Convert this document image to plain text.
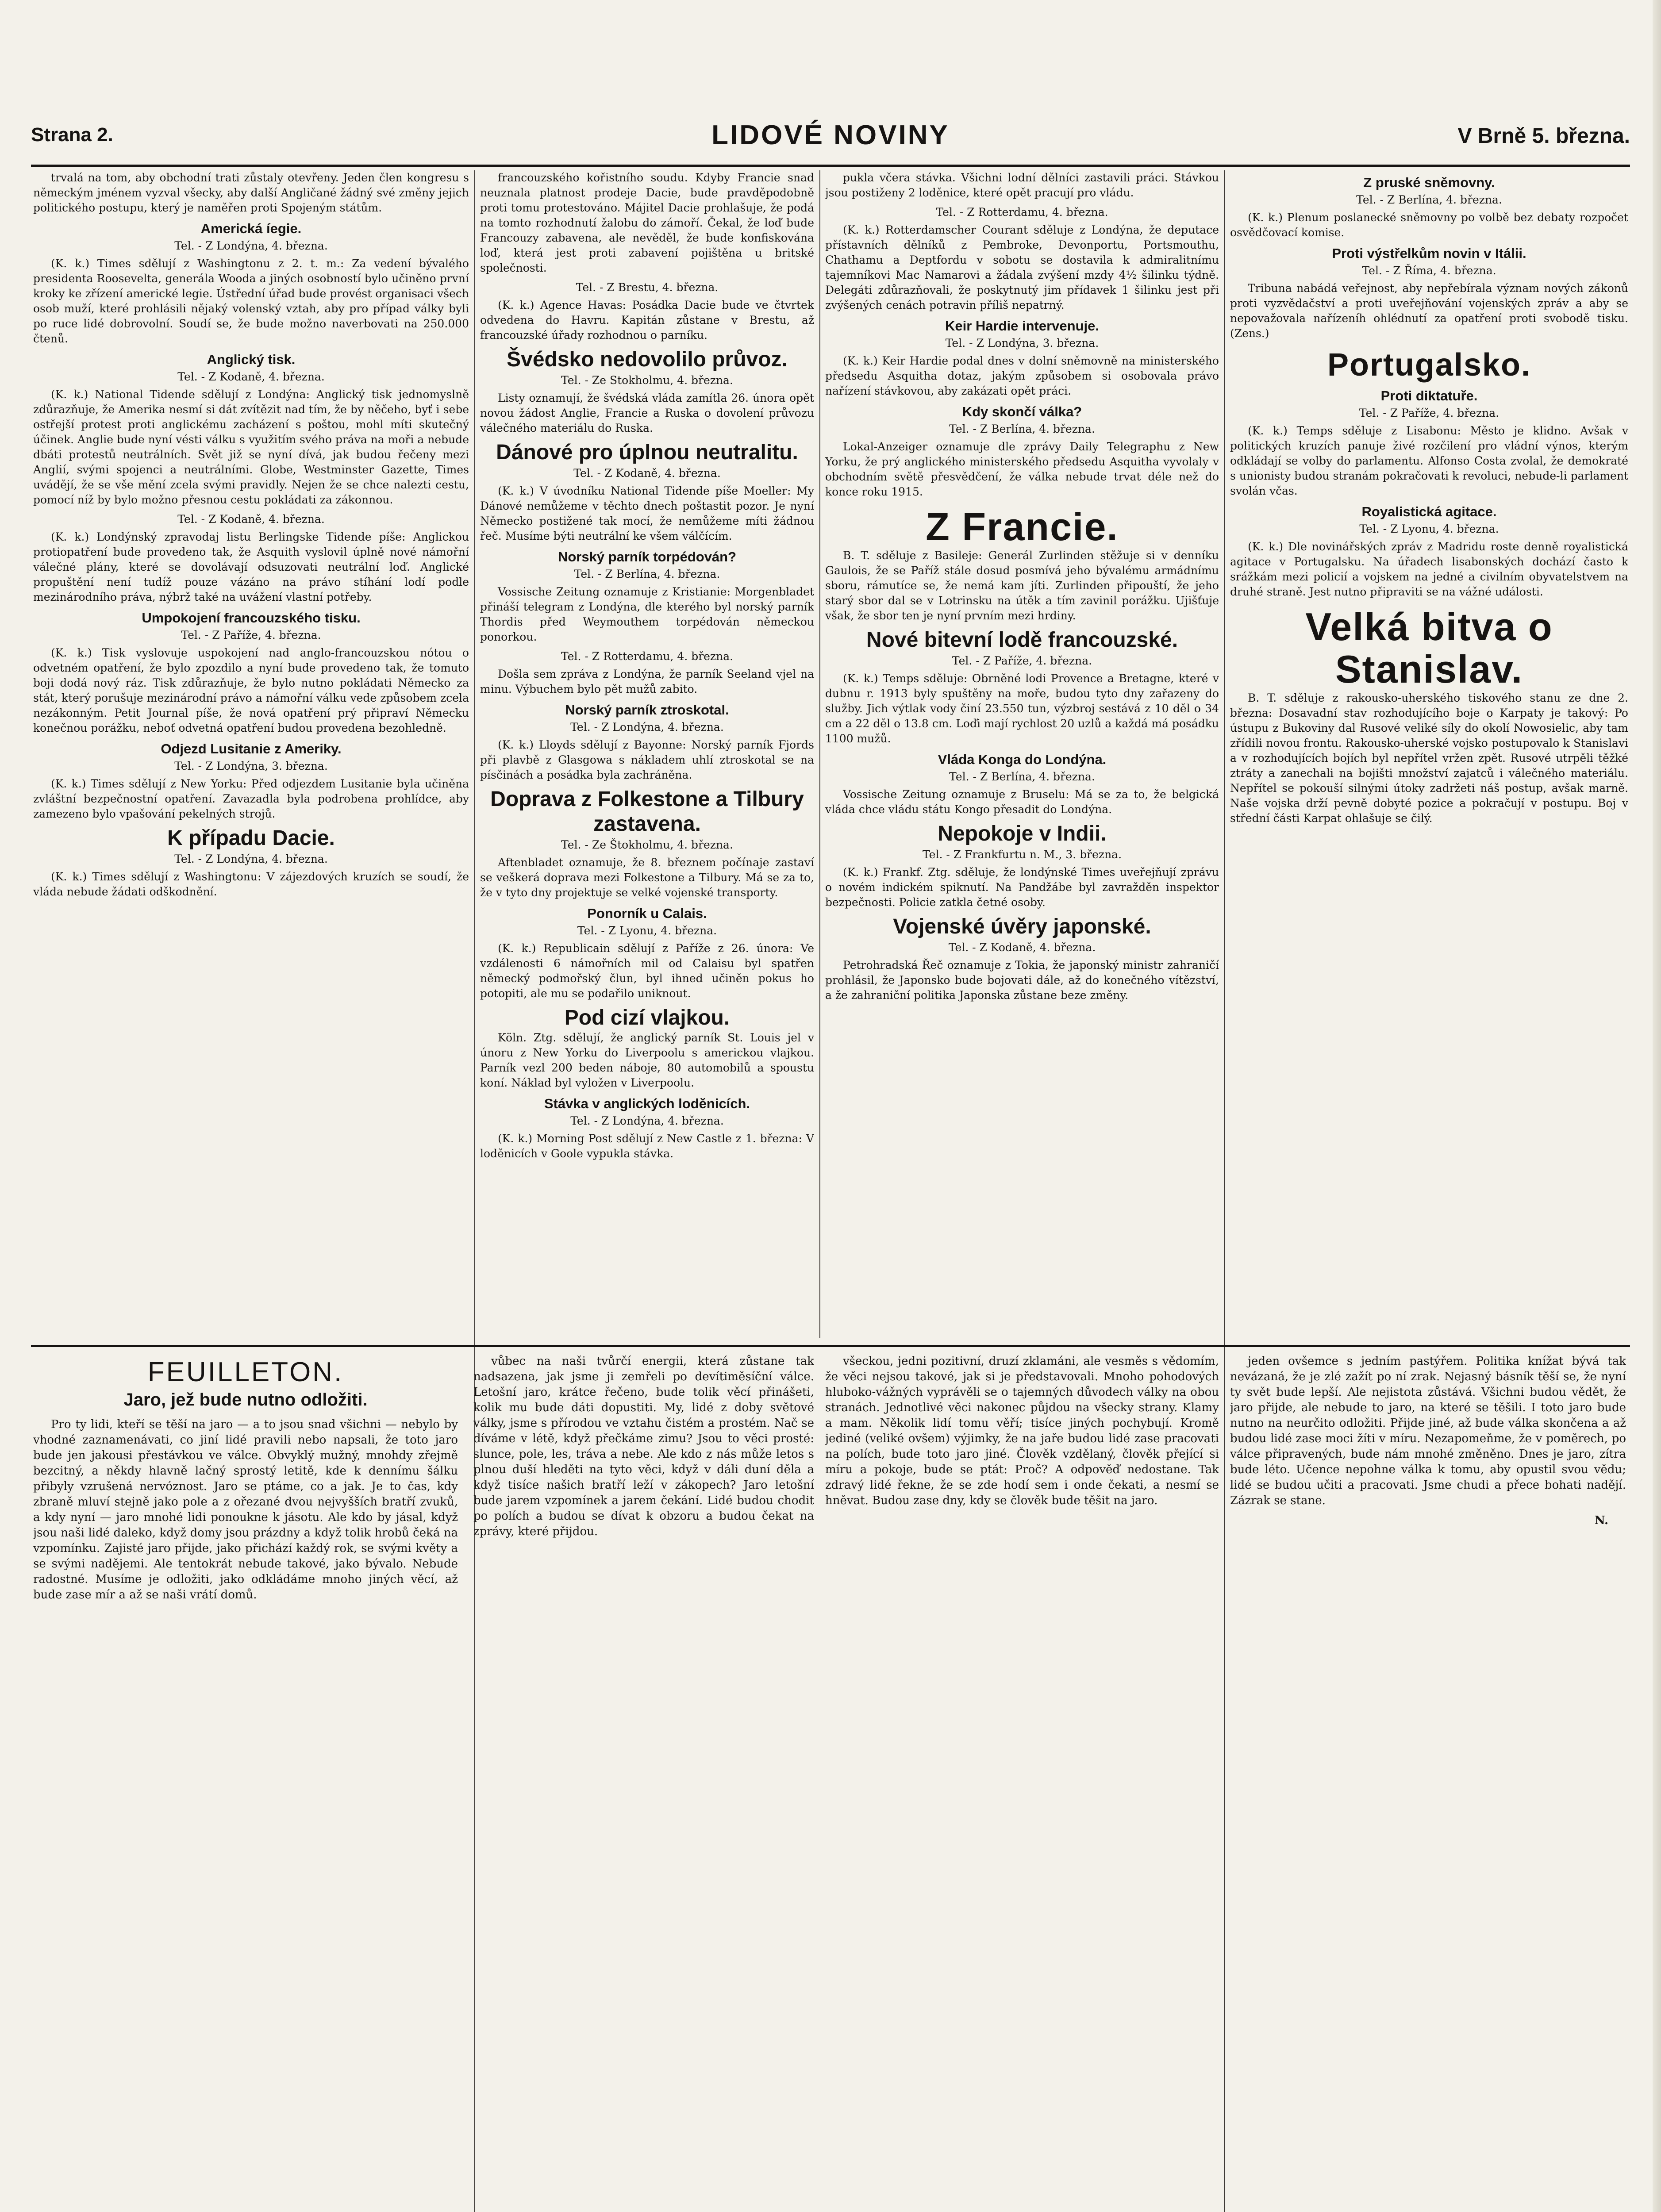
Strana 2.	LIDOVÉ NOVINY	V Brně 5. března.

trvalá na tom, aby obchodní trati zůstaly otevřeny. Jeden člen kongresu s německým jménem vyzval všecky, aby další Angličané žádný své změny jejich politického postupu, který je naměřen proti Spojeným státům.

Americká íegie.
Tel. - Z Londýna, 4. března.

(K. k.) Times sdělují z Washingtonu z 2. t. m.: Za vedení bývalého presidenta Roosevelta, generála Wooda a jiných osobností bylo učiněno první kroky ke zřízení americké legie. Ústřední úřad bude provést organisaci všech osob muží, které prohlásili nějaký volenský vztah, aby pro případ války byli po ruce lidé dobrovolní. Soudí se, že bude možno naverbovati na 250.000 čtenů.

Anglický tisk.
Tel. - Z Kodaně, 4. března.

(K. k.) National Tidende sdělují z Londýna: Anglický tisk jednomyslně zdůrazňuje, že Amerika nesmí si dát zvítězit nad tím, že by něčeho, byť i sebe ostřejší protest proti anglickému zacházení s poštou, mohl míti skutečný účinek. Anglie bude nyní vésti válku s využitím svého práva na moři a nebude dbáti protestů neutrálních. Svět již se nyní dívá, jak budou řečeny mezi Anglií, svými spojenci a neutrálními. Globe, Westminster Gazette, Times uvádějí, že se vše mění zcela svými pravidly. Nejen že se chce nalezti cestu, pomocí níž by bylo možno přesnou cestu pokládati za zákonnou.

Tel. - Z Kodaně, 4. března.

(K. k.) Londýnský zpravodaj listu Berlingske Tidende píše: Anglickou protiopatření bude provedeno tak, že Asquith vyslovil úplně nové námořní válečné plány, které se dovolávají odsuzovati neutrální loď. Anglické propuštění není tudíž pouze vázáno na právo stíhání lodí podle mezinárodního práva, nýbrž také na uvážení vlastní potřeby.

Umpokojení francouzského tisku.
Tel. - Z Paříže, 4. března.

(K. k.) Tisk vyslovuje uspokojení nad anglo-francouzskou nótou o odvetném opatření, že bylo zpozdilo a nyní bude provedeno tak, že tomuto boji dodá nový ráz. Tisk zdůrazňuje, že bylo nutno pokládati Německo za stát, který porušuje mezinárodní právo a námořní válku vede způsobem zcela nezákonným. Petit Journal píše, že nová opatření prý připraví Německu konečnou porážku, neboť odvetná opatření budou provedena bezohledně.

Odjezd Lusitanie z Ameriky.
Tel. - Z Londýna, 3. března.

(K. k.) Times sdělují z New Yorku: Před odjezdem Lusitanie byla učiněna zvláštní bezpečnostní opatření. Zavazadla byla podrobena prohlídce, aby zamezeno bylo vpašování pekelných strojů.

K případu Dacie.
Tel. - Z Londýna, 4. března.

(K. k.) Times sdělují z Washingtonu: V zájezdových kruzích se soudí, že vláda nebude žádati odškodnění.

francouzského kořistního soudu. Kdyby Francie snad neuznala platnost prodeje Dacie, bude pravděpodobně proti tomu protestováno. Májitel Dacie prohlašuje, že podá na tomto rozhodnutí žalobu do zámoří. Čekal, že loď bude Francouzy zabavena, ale nevěděl, že bude konfiskována loď, která jest proti zabavení pojištěna u britské společnosti.

Tel. - Z Brestu, 4. března.

(K. k.) Agence Havas: Posádka Dacie bude ve čtvrtek odvedena do Havru. Kapitán zůstane v Brestu, až francouzské úřady rozhodnou o parníku.

Švédsko nedovolilo průvoz.
Tel. - Ze Stokholmu, 4. března.

Listy oznamují, že švédská vláda zamítla 26. února opět novou žádost Anglie, Francie a Ruska o dovolení průvozu válečného materiálu do Ruska.

Dánové pro úplnou neutralitu.
Tel. - Z Kodaně, 4. března.

(K. k.) V úvodníku National Tidende píše Moeller: My Dánové nemůžeme v těchto dnech poštastit pozor. Je nyní Německo postižené tak mocí, že nemůžeme míti žádnou řeč. Musíme býti neutrální ke všem válčícím.

Norský parník torpédován?
Tel. - Z Berlína, 4. března.

Vossische Zeitung oznamuje z Kristianie: Morgenbladet přináší telegram z Londýna, dle kterého byl norský parník Thordis před Weymouthem torpédován německou ponorkou.

Tel. - Z Rotterdamu, 4. března.

Došla sem zpráva z Londýna, že parník Seeland vjel na minu. Výbuchem bylo pět mužů zabito.

Norský parník ztroskotal.
Tel. - Z Londýna, 4. března.

(K. k.) Lloyds sdělují z Bayonne: Norský parník Fjords při plavbě z Glasgowa s nákladem uhlí ztroskotal se na písčinách a posádka byla zachráněna.

Doprava z Folkestone a Tilbury zastavena.
Tel. - Ze Štokholmu, 4. března.

Aftenbladet oznamuje, že 8. březnem počínaje zastaví se veškerá doprava mezi Folkestone a Tilbury. Má se za to, že v tyto dny projektuje se velké vojenské transporty.

Ponorník u Calais.
Tel. - Z Lyonu, 4. března.

(K. k.) Republicain sdělují z Paříže z 26. února: Ve vzdálenosti 6 námořních mil od Calaisu byl spatřen německý podmořský člun, byl ihned učiněn pokus ho potopiti, ale mu se podařilo uniknout.

Pod cizí vlajkou.

Köln. Ztg. sdělují, že anglický parník St. Louis jel v únoru z New Yorku do Liverpoolu s americkou vlajkou. Parník vezl 200 beden náboje, 80 automobilů a spoustu koní. Náklad byl vyložen v Liverpoolu.

Stávka v anglických loděnicích.
Tel. - Z Londýna, 4. března.

(K. k.) Morning Post sdělují z New Castle z 1. března: V loděnicích v Goole vypukla stávka.

pukla včera stávka. Všichni lodní dělníci zastavili práci. Stávkou jsou postiženy 2 loděnice, které opět pracují pro vládu.

Tel. - Z Rotterdamu, 4. března.

(K. k.) Rotterdamscher Courant sděluje z Londýna, že deputace přístavních dělníků z Pembroke, Devonportu, Portsmouthu, Chathamu a Deptfordu v sobotu se dostavila k admiralitnímu tajemníkovi Mac Namarovi a žádala zvýšení mzdy 4½ šilinku týdně. Delegáti zdůrazňovali, že poskytnutý jim přídavek 1 šilinku jest při zvýšených cenách potravin příliš nepatrný.

Keir Hardie intervenuje.
Tel. - Z Londýna, 3. března.

(K. k.) Keir Hardie podal dnes v dolní sněmovně na ministerského předsedu Asquitha dotaz, jakým způsobem si osobovala právo nařízení stávkovou, aby zakázati opět práci.

Kdy skončí válka?
Tel. - Z Berlína, 4. března.

Lokal-Anzeiger oznamuje dle zprávy Daily Telegraphu z New Yorku, že prý anglického ministerského předsedu Asquitha vyvolaly v obchodním světě přesvědčení, že válka nebude trvat déle než do konce roku 1915.

Z Francie.

B. T. sděluje z Basileje: Generál Zurlinden stěžuje si v denníku Gaulois, že se Paříž stále dosud posmívá jeho bývalému armádnímu sboru, rámutíce se, že nemá kam jíti. Zurlinden připouští, že jeho starý sbor dal se v Lotrinsku na útěk a tím zavinil porážku. Ujišťuje však, že sbor ten je nyní prvním mezi hrdiny.

Nové bitevní lodě francouzské.
Tel. - Z Paříže, 4. března.

(K. k.) Temps sděluje: Obrněné lodi Provence a Bretagne, které v dubnu r. 1913 byly spuštěny na moře, budou tyto dny zařazeny do služby. Jich výtlak vody činí 23.550 tun, výzbroj sestává z 10 děl o 34 cm a 22 děl o 13.8 cm. Loďi mají rychlost 20 uzlů a každá má posádku 1100 mužů.

Vláda Konga do Londýna.
Tel. - Z Berlína, 4. března.

Vossische Zeitung oznamuje z Bruselu: Má se za to, že belgická vláda chce vládu státu Kongo přesadit do Londýna.

Nepokoje v Indii.
Tel. - Z Frankfurtu n. M., 3. března.

(K. k.) Frankf. Ztg. sděluje, že londýnské Times uveřejňují zprávu o novém indickém spiknutí. Na Pandžábe byl zavražděn inspektor bezpečnosti. Policie zatkla četné osoby.

Vojenské úvěry japonské.
Tel. - Z Kodaně, 4. března.

Petrohradská Řeč oznamuje z Tokia, že japonský ministr zahraničí prohlásil, že Japonsko bude bojovati dále, až do konečného vítězství, a že zahraniční politika Japonska zůstane beze změny.

Z pruské sněmovny.
Tel. - Z Berlína, 4. března.

(K. k.) Plenum poslanecké sněmovny po volbě bez debaty rozpočet osvědčovací komise.

Proti výstřelkům novin v Itálii.
Tel. - Z Říma, 4. března.

Tribuna nabádá veřejnost, aby nepřebírala význam nových zákonů proti vyzvědačství a proti uveřejňování vojenských zpráv a aby se nepovažovala nařízeníh ohlédnutí za opatření proti svobodě tisku. (Zens.)

Portugalsko.
Proti diktatuře.
Tel. - Z Paříže, 4. března.

(K. k.) Temps sděluje z Lisabonu: Město je klidno. Avšak v politických kruzích panuje živé rozčilení pro vládní výnos, kterým odkládají se volby do parlamentu. Alfonso Costa zvolal, že demokraté s unionisty budou stranám pokračovati k revoluci, nebude-li parlament svolán včas.

Royalistická agitace.
Tel. - Z Lyonu, 4. března.

(K. k.) Dle novinářských zpráv z Madridu roste denně royalistická agitace v Portugalsku. Na úřadech lisabonských dochází často k srážkám mezi policií a vojskem na jedné a civilním obyvatelstvem na druhé straně. Jest nutno připraviti se na vážné události.

Velká bitva o Stanislav.

B. T. sděluje z rakousko-uherského tiskového stanu ze dne 2. března: Dosavadní stav rozhodujícího boje o Karpaty je takový: Po ústupu z Bukoviny dal Rusové veliké síly do okolí Nowosielic, aby tam zřídili novou frontu. Rakousko-uherské vojsko postupovalo k Stanislavi a v rozhodujících bojích byl nepřítel vržen zpět. Rusové utrpěli těžké ztráty a zanechali na bojišti množství zajatců i válečného materiálu. Nepřítel se pokouší silnými útoky zadržeti náš postup, avšak marně. Naše vojska drží pevně dobyté pozice a pokračují v postupu. Boj v střední části Karpat ohlašuje se čilý.

FEUILLETON.
Jaro, jež bude nutno odložiti.

Pro ty lidi, kteří se těší na jaro — a to jsou snad všichni — nebylo by vhodné zaznamenávati, co jiní lidé pravili nebo napsali, že toto jaro bude jen jakousi přestávkou ve válce. Obvyklý mužný, mnohdy zřejmě bezcitný, a někdy hlavně lačný sprostý letitě, kde k dennímu šálku přibyly vzrušená nervóznost. Jaro se ptáme, co a jak. Je to čas, kdy zbraně mluví stejně jako pole a z ořezané dvou nejvyšších bratří zvuků, a kdy nyní — jaro mnohé lidi ponoukne k jásotu. Ale kdo by jásal, když jsou naši lidé daleko, když domy jsou prázdny a když tolik hrobů čeká na vzpomínku. Zajisté jaro přijde, jako přichází každý rok, se svými květy a se svými nadějemi. Ale tentokrát nebude takové, jako bývalo. Nebude radostné. Musíme je odložiti, jako odkládáme mnoho jiných věcí, až bude zase mír a až se naši vrátí domů.

vůbec na naši tvůrčí energii, která zůstane tak nadsazena, jak jsme ji zemřeli po devítiměsíční válce. Letošní jaro, krátce řečeno, bude tolik věcí přinášeti, kolik mu bude dáti dopustiti. My, lidé z doby světové války, jsme s přírodou ve vztahu čistém a prostém. Nač se díváme v létě, když přečkáme zimu? Jsou to věci prosté: slunce, pole, les, tráva a nebe. Ale kdo z nás může letos s plnou duší hleděti na tyto věci, když v dáli duní děla a když tisíce našich bratří leží v zákopech? Jaro letošní bude jarem vzpomínek a jarem čekání. Lidé budou chodit po polích a budou se dívat k obzoru a budou čekat na zprávy, které přijdou.

všeckou, jedni pozitivní, druzí zklamáni, ale vesměs s vědomím, že věci nejsou takové, jak si je představovali. Mnoho pohodových hluboko-vážných vyprávěli se o tajemných důvodech války na obou stranách. Jednotlivé věci nakonec půjdou na všecky strany. Klamy a mam. Několik lidí tomu věří; tisíce jiných pochybují. Kromě jediné (veliké ovšem) výjimky, že na jaře budou lidé zase pracovati na polích, bude toto jaro jiné. Člověk vzdělaný, člověk přející si míru a pokoje, bude se ptát: Proč? A odpověď nedostane. Tak zdravý lidé řekne, že se zde hodí sem i onde čekati, a nesmí se hněvat. Budou zase dny, kdy se člověk bude těšit na jaro.

jeden ovšemce s jedním pastýřem. Politika knížat bývá tak nevázaná, že je zlé zažít po ní zrak. Nejasný básník těší se, že nyní ty svět bude lepší. Ale nejistota zůstává. Všichni budou vědět, že jaro přijde, ale nebude to jaro, na které se těšili. I toto jaro bude nutno na neurčito odložiti. Přijde jiné, až bude válka skončena a až budou lidé zase moci žíti v míru. Nezapomeňme, že v poměrech, po válce připravených, bude nám mnohé změněno. Dnes je jaro, zítra bude léto. Učence nepohne válka k tomu, aby opustil svou vědu; lidé se budou učiti a pracovati. Jsme chudi a přece bohati nadějí. Zázrak se stane.

N.
